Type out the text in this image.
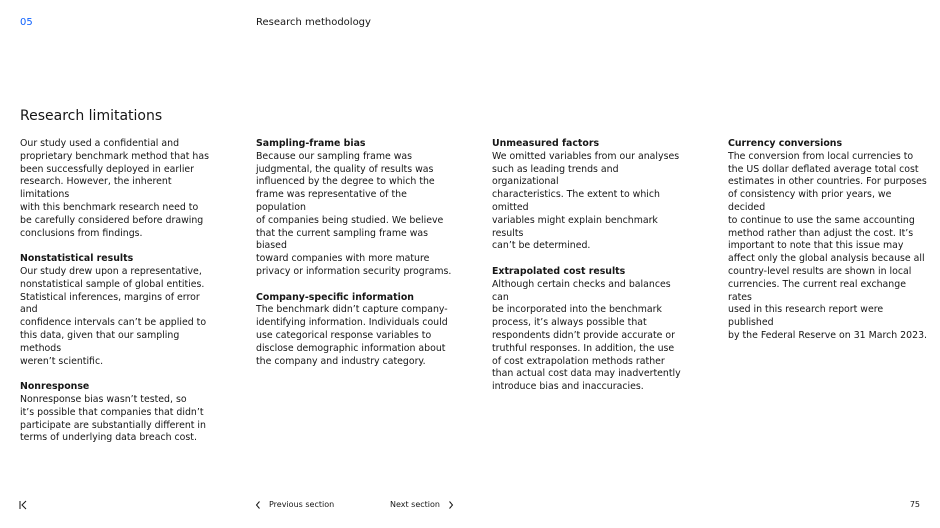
05	Research methodology
Research limitations
Our study used a confidential and
proprietary benchmark method that has
been successfully deployed in earlier
research. However, the inherent limitations
with this benchmark research need to
be carefully considered before drawing
conclusions from findings.
Nonstatistical results
Our study drew upon a representative,
nonstatistical sample of global entities.
Statistical inferences, margins of error and
confidence intervals can’t be applied to
this data, given that our sampling methods
weren’t scientific.
Nonresponse
Nonresponse bias wasn’t tested, so
it’s possible that companies that didn’t
participate are substantially different in
terms of underlying data breach cost.
Sampling-frame bias
Because our sampling frame was
judgmental, the quality of results was
influenced by the degree to which the
frame was representative of the population
of companies being studied. We believe
that the current sampling frame was biased
toward companies with more mature
privacy or information security programs.
Company-specific information
The benchmark didn’t capture company-
identifying information. Individuals could
use categorical response variables to
disclose demographic information about
the company and industry category.
Unmeasured factors
We omitted variables from our analyses
such as leading trends and organizational
characteristics. The extent to which omitted
variables might explain benchmark results
can’t be determined.
Extrapolated cost results
Although certain checks and balances can
be incorporated into the benchmark
process, it’s always possible that
respondents didn’t provide accurate or
truthful responses. In addition, the use
of cost extrapolation methods rather
than actual cost data may inadvertently
introduce bias and inaccuracies.
Currency conversions
The conversion from local currencies to
the US dollar deflated average total cost
estimates in other countries. For purposes
of consistency with prior years, we decided
to continue to use the same accounting
method rather than adjust the cost. It’s
important to note that this issue may
affect only the global analysis because all
country-level results are shown in local
currencies. The current real exchange rates
used in this research report were published
by the Federal Reserve on 31 March 2023.
Previous section	Next section	75
